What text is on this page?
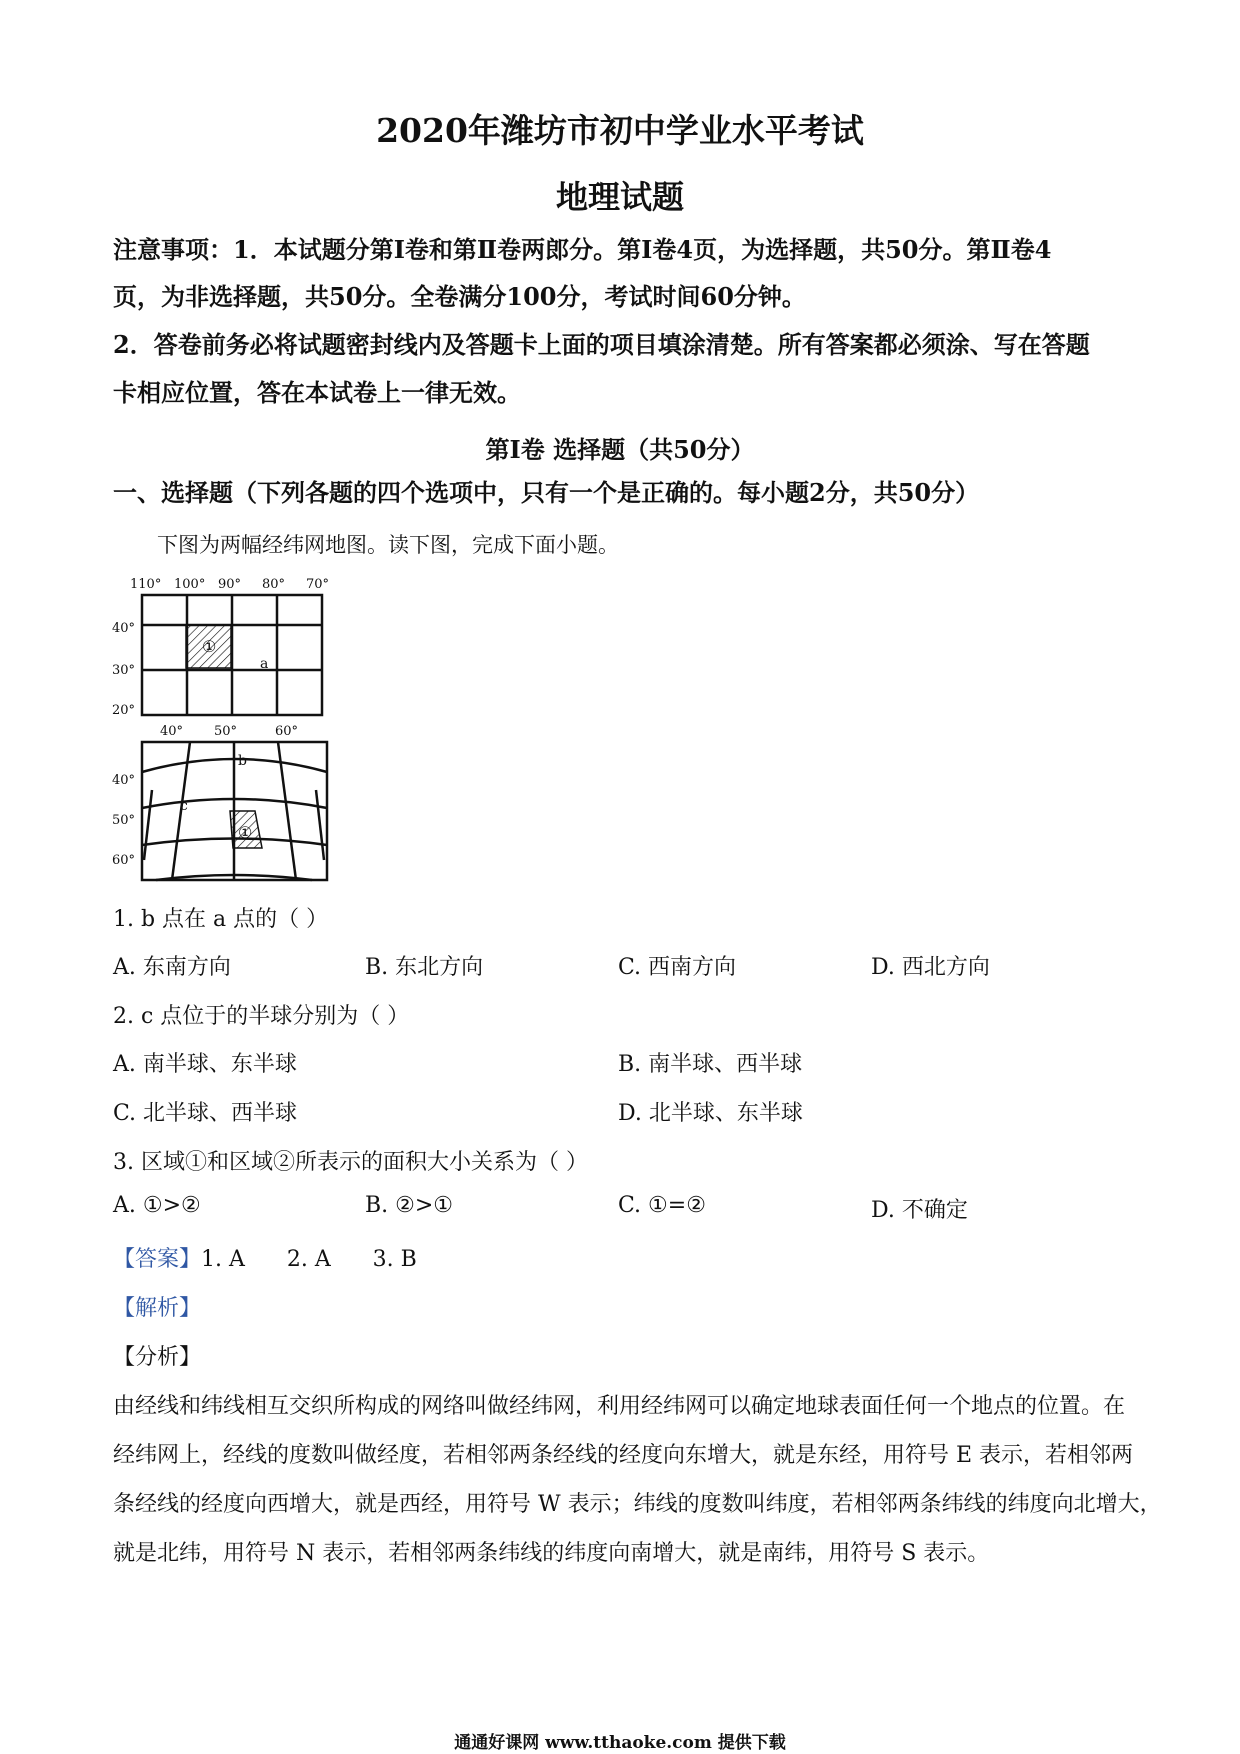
2020年潍坊市初中学业水平考试
地理试题
注意事项：1．本试题分第Ⅰ卷和第Ⅱ卷两郎分。第Ⅰ卷4页，为选择题，共50分。第Ⅱ卷4
页，为非选择题，共50分。全卷满分100分，考试时间60分钟。
2．答卷前务必将试题密封线内及答题卡上面的项目填涂清楚。所有答案都必须涂、写在答题
卡相应位置，答在本试卷上一律无效。
第Ⅰ卷 选择题（共50分）
一、选择题（下列各题的四个选项中，只有一个是正确的。每小题2分，共50分）
下图为两幅经纬网地图。读下图，完成下面小题。
110° 100° 90° 80° 70°
40°
30°
20°
①
a
40° 50°	60°
40°
50°
60°
①
b
c
1. b 点在 a 点的（ ）
A. 东南方向	B. 东北方向	C. 西南方向	D. 西北方向
2. c 点位于的半球分别为（ ）
A. 南半球、东半球	B. 南半球、西半球
C. 北半球、西半球	D. 北半球、东半球
3. 区域①和区域②所表示的面积大小关系为（ ）
A. ①>②	B. ②>①	C. ①=②	D. 不确定
【答案】1. A      2. A      3. B
【解析】
【分析】
由经线和纬线相互交织所构成的网络叫做经纬网，利用经纬网可以确定地球表面任何一个地点的位置。在
经纬网上，经线的度数叫做经度，若相邻两条经线的经度向东增大，就是东经，用符号 E 表示，若相邻两
条经线的经度向西增大，就是西经，用符号 W 表示；纬线的度数叫纬度，若相邻两条纬线的纬度向北增大，
就是北纬，用符号 N 表示，若相邻两条纬线的纬度向南增大，就是南纬，用符号 S 表示。
通通好课网 www.tthaoke.com 提供下载
